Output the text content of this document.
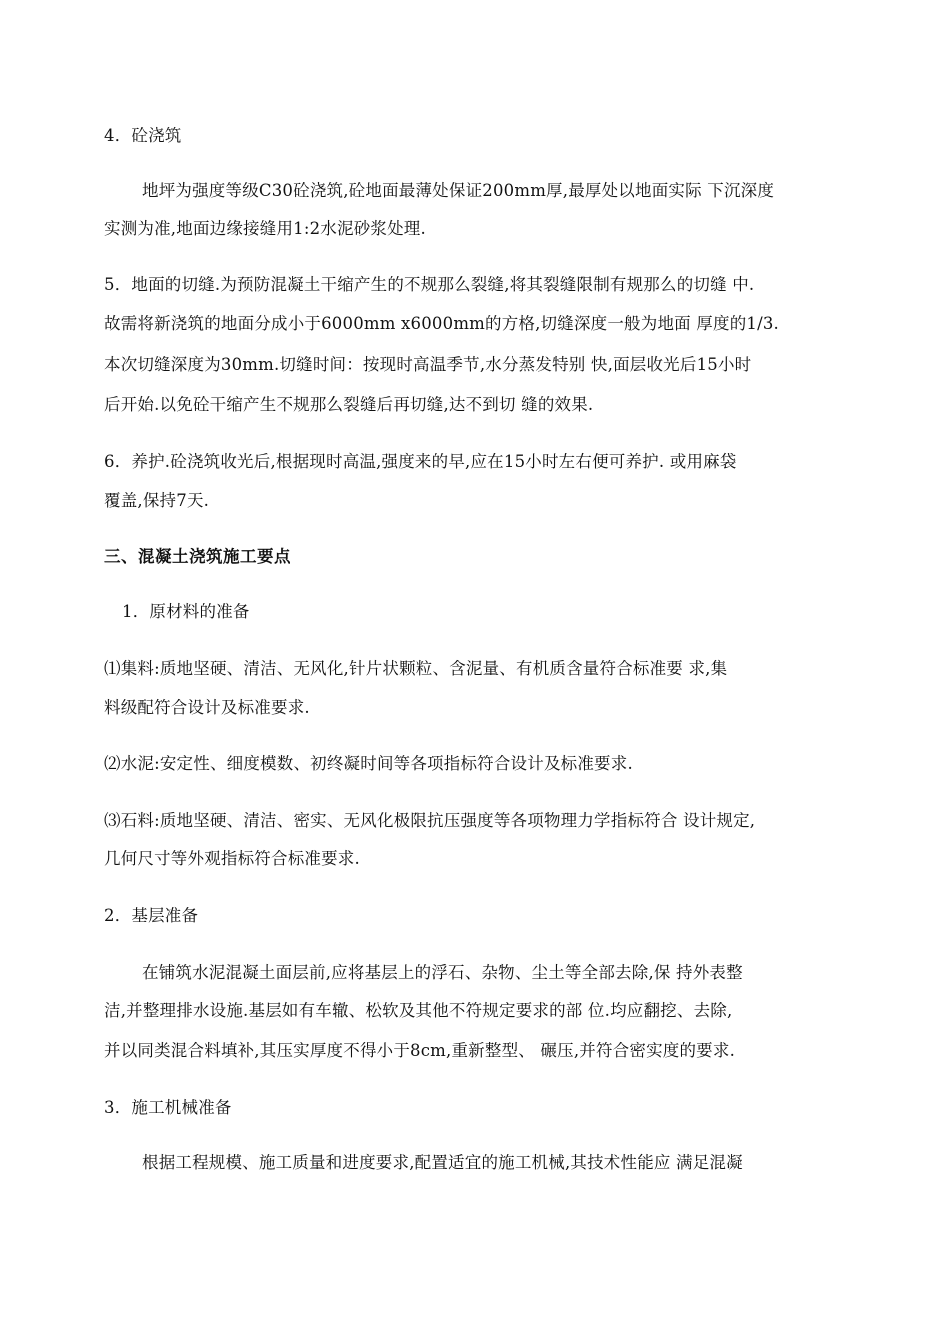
4．砼浇筑
地坪为强度等级C30砼浇筑,砼地面最薄处保证200mm厚,最厚处以地面实际 下沉深度
实测为准,地面边缘接缝用1:2水泥砂浆处理.
5．地面的切缝.为预防混凝土干缩产生的不规那么裂缝,将其裂缝限制有规那么的切缝 中.
故需将新浇筑的地面分成小于6000mm x6000mm的方格,切缝深度一般为地面 厚度的1/3.
本次切缝深度为30mm.切缝时间：按现时高温季节,水分蒸发特别 快,面层收光后15小时
后开始.以免砼干缩产生不规那么裂缝后再切缝,达不到切 缝的效果.
6．养护.砼浇筑收光后,根据现时高温,强度来的早,应在15小时左右便可养护. 或用麻袋
覆盖,保持7天.
三、混凝土浇筑施工要点
1．原材料的准备
⑴集料:质地坚硬、清洁、无风化,针片状颗粒、含泥量、有机质含量符合标准要 求,集
料级配符合设计及标准要求.
⑵水泥:安定性、细度模数、初终凝时间等各项指标符合设计及标准要求.
⑶石料:质地坚硬、清洁、密实、无风化极限抗压强度等各项物理力学指标符合 设计规定,
几何尺寸等外观指标符合标准要求.
2．基层准备
在铺筑水泥混凝土面层前,应将基层上的浮石、杂物、尘土等全部去除,保 持外表整
洁,并整理排水设施.基层如有车辙、松软及其他不符规定要求的部 位.均应翻挖、去除,
并以同类混合料填补,其压实厚度不得小于8cm,重新整型、 碾压,并符合密实度的要求.
3．施工机械准备
根据工程规模、施工质量和进度要求,配置适宜的施工机械,其技术性能应 满足混凝
